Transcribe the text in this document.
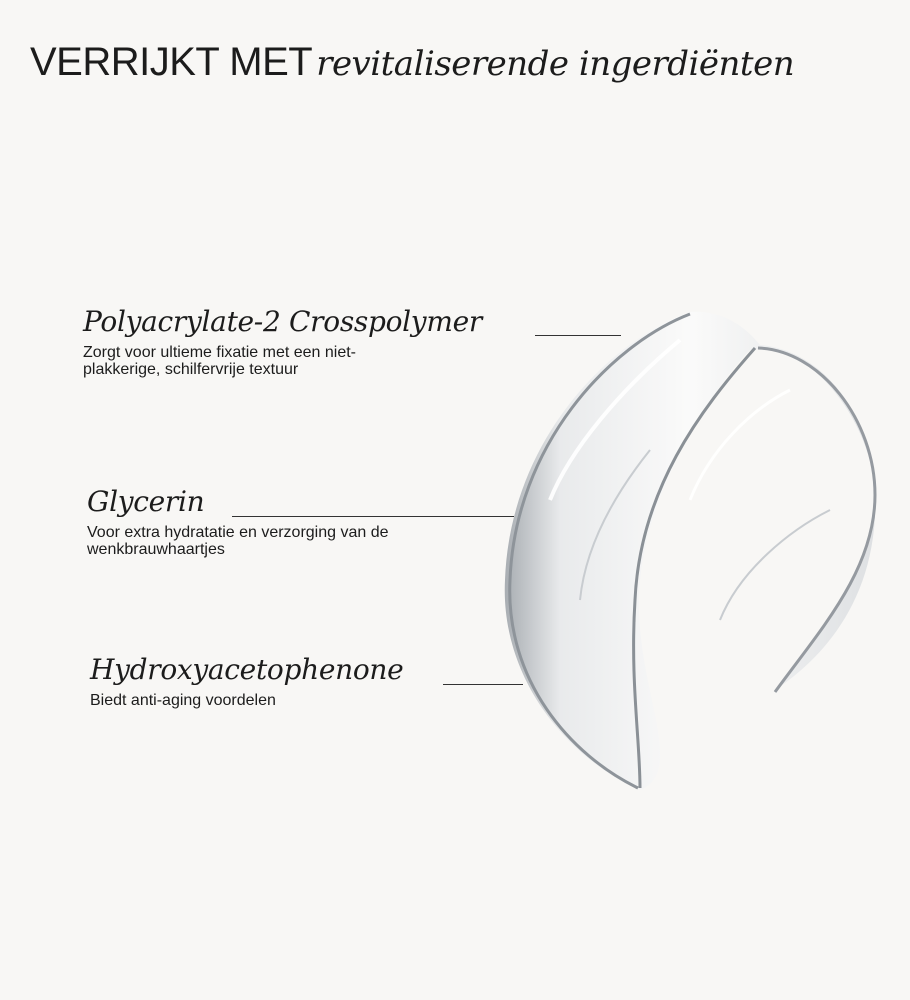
VERRIJKT MET revitaliserende ingerdiënten
Polyacrylate-2 Crosspolymer
Zorgt voor ultieme fixatie met een niet-plakkerige, schilfervrije textuur
Glycerin
Voor extra hydratatie en verzorging van de wenkbrauwhaartjes
Hydroxyacetophenone
Biedt anti-aging voordelen
